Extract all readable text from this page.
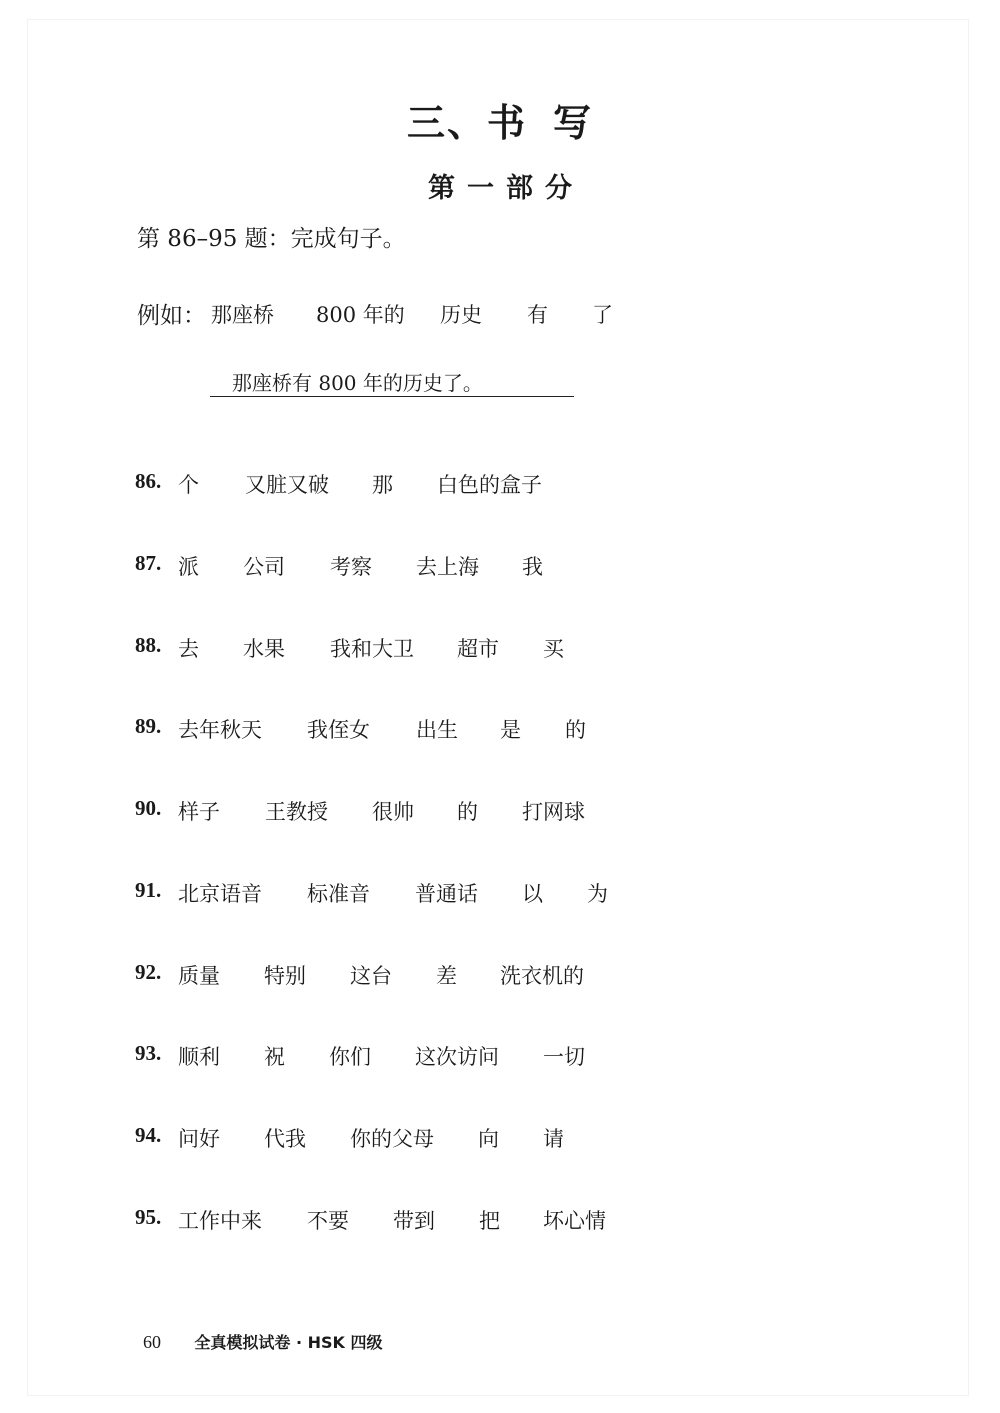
三、书 写
第 一 部 分
第 86–95 题：完成句子。
例如： 那座桥 800 年的 历史 有 了
那座桥有 800 年的历史了。
86. 个 又脏又破 那 白色的盒子
87. 派 公司 考察 去上海 我
88. 去 水果 我和大卫 超市 买
89. 去年秋天 我侄女 出生 是 的
90. 样子 王教授 很帅 的 打网球
91. 北京语音 标准音 普通话 以 为
92. 质量 特别 这台 差 洗衣机的
93. 顺利 祝 你们 这次访问 一切
94. 问好 代我 你的父母 向 请
95. 工作中来 不要 带到 把 坏心情
60 全真模拟试卷 · HSK 四级
